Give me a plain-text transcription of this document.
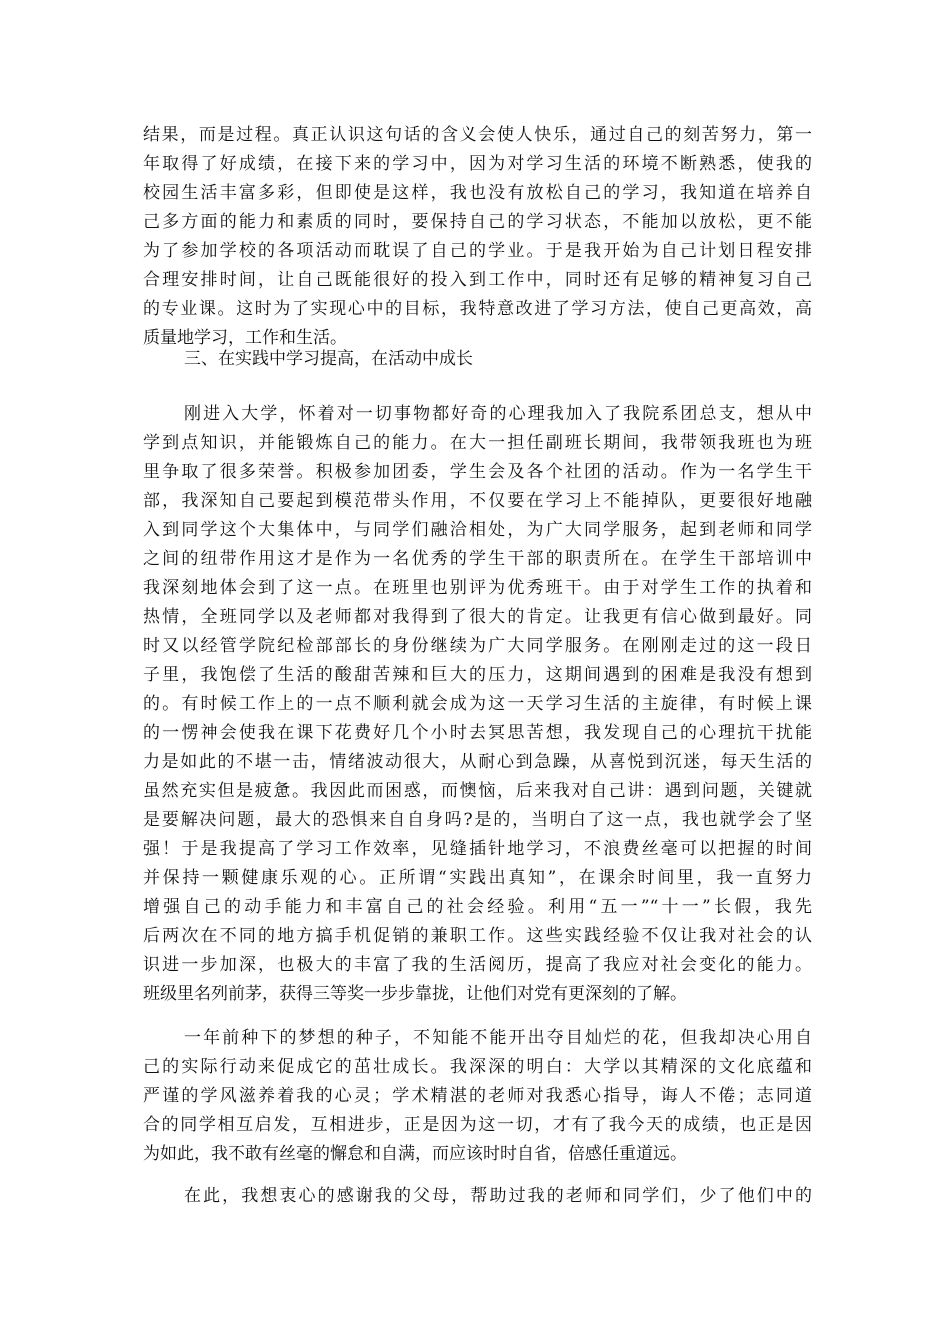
结果，而是过程。真正认识这句话的含义会使人快乐，通过自己的刻苦努力，第一
年取得了好成绩，在接下来的学习中，因为对学习生活的环境不断熟悉，使我的
校园生活丰富多彩，但即使是这样，我也没有放松自己的学习，我知道在培养自
己多方面的能力和素质的同时，要保持自己的学习状态，不能加以放松，更不能
为了参加学校的各项活动而耽误了自己的学业。于是我开始为自己计划日程安排
合理安排时间，让自己既能很好的投入到工作中，同时还有足够的精神复习自己
的专业课。这时为了实现心中的目标，我特意改进了学习方法，使自己更高效，高
质量地学习，工作和生活。
三、在实践中学习提高，在活动中成长
刚进入大学，怀着对一切事物都好奇的心理我加入了我院系团总支，想从中
学到点知识，并能锻炼自己的能力。在大一担任副班长期间，我带领我班也为班
里争取了很多荣誉。积极参加团委，学生会及各个社团的活动。作为一名学生干
部，我深知自己要起到模范带头作用，不仅要在学习上不能掉队，更要很好地融
入到同学这个大集体中，与同学们融洽相处，为广大同学服务，起到老师和同学
之间的纽带作用这才是作为一名优秀的学生干部的职责所在。在学生干部培训中
我深刻地体会到了这一点。在班里也别评为优秀班干。由于对学生工作的执着和
热情，全班同学以及老师都对我得到了很大的肯定。让我更有信心做到最好。同
时又以经管学院纪检部部长的身份继续为广大同学服务。在刚刚走过的这一段日
子里，我饱偿了生活的酸甜苦辣和巨大的压力，这期间遇到的困难是我没有想到
的。有时候工作上的一点不顺利就会成为这一天学习生活的主旋律，有时候上课
的一愣神会使我在课下花费好几个小时去冥思苦想，我发现自己的心理抗干扰能
力是如此的不堪一击，情绪波动很大，从耐心到急躁，从喜悦到沉迷，每天生活的
虽然充实但是疲惫。我因此而困惑，而懊恼，后来我对自己讲：遇到问题，关键就
是要解决问题，最大的恐惧来自自身吗?是的，当明白了这一点，我也就学会了坚
强！于是我提高了学习工作效率，见缝插针地学习，不浪费丝毫可以把握的时间
并保持一颗健康乐观的心。正所谓“实践出真知”，在课余时间里，我一直努力
增强自己的动手能力和丰富自己的社会经验。利用“五一”“十一”长假，我先
后两次在不同的地方搞手机促销的兼职工作。这些实践经验不仅让我对社会的认
识进一步加深，也极大的丰富了我的生活阅历，提高了我应对社会变化的能力。
班级里名列前茅，获得三等奖一步步靠拢，让他们对党有更深刻的了解。
一年前种下的梦想的种子，不知能不能开出夺目灿烂的花，但我却决心用自
己的实际行动来促成它的茁壮成长。我深深的明白：大学以其精深的文化底蕴和
严谨的学风滋养着我的心灵；学术精湛的老师对我悉心指导，诲人不倦；志同道
合的同学相互启发，互相进步，正是因为这一切，才有了我今天的成绩，也正是因
为如此，我不敢有丝毫的懈怠和自满，而应该时时自省，倍感任重道远。
在此，我想衷心的感谢我的父母，帮助过我的老师和同学们，少了他们中的
